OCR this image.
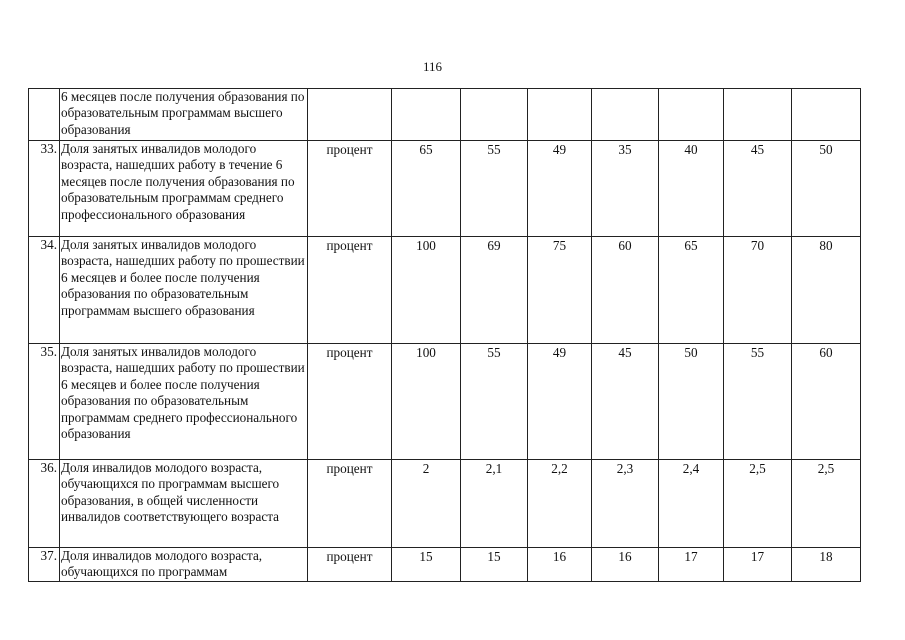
116
	6 месяцев после получения образования по образовательным программам высшего образования								
33.	Доля занятых инвалидов молодого возраста, нашедших работу в течение 6 месяцев после получения образования по образовательным программам среднего профессионального образования	процент	65	55	49	35	40	45	50
34.	Доля занятых инвалидов молодого возраста, нашедших работу по прошествии 6 месяцев и более после получения образования по образовательным программам высшего образования	процент	100	69	75	60	65	70	80
35.	Доля занятых инвалидов молодого возраста, нашедших работу по прошествии 6 месяцев и более после получения образования по образовательным программам среднего профессионального образования	процент	100	55	49	45	50	55	60
36.	Доля инвалидов молодого возраста, обучающихся по программам высшего образования, в общей численности инвалидов соответствующего возраста	процент	2	2,1	2,2	2,3	2,4	2,5	2,5
37.	Доля инвалидов молодого возраста, обучающихся по программам	процент	15	15	16	16	17	17	18
